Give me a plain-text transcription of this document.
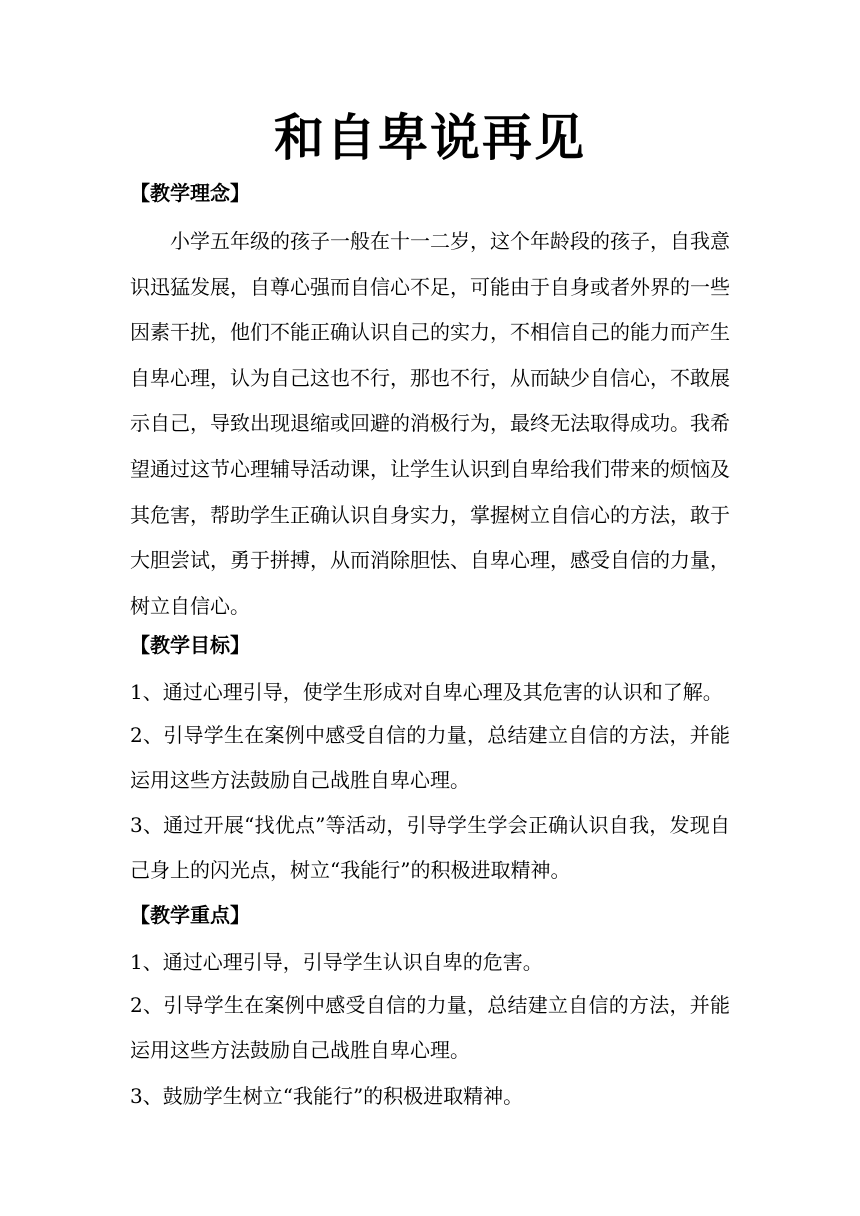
和自卑说再见
【教学理念】
小学五年级的孩子一般在十一二岁，这个年龄段的孩子，自我意识迅猛发展，自尊心强而自信心不足，可能由于自身或者外界的一些因素干扰，他们不能正确认识自己的实力，不相信自己的能力而产生自卑心理，认为自己这也不行，那也不行，从而缺少自信心，不敢展示自己，导致出现退缩或回避的消极行为，最终无法取得成功。我希望通过这节心理辅导活动课，让学生认识到自卑给我们带来的烦恼及其危害，帮助学生正确认识自身实力，掌握树立自信心的方法，敢于大胆尝试，勇于拼搏，从而消除胆怯、自卑心理，感受自信的力量，树立自信心。
【教学目标】
1、通过心理引导，使学生形成对自卑心理及其危害的认识和了解。
2、引导学生在案例中感受自信的力量，总结建立自信的方法，并能运用这些方法鼓励自己战胜自卑心理。
3、通过开展“找优点”等活动，引导学生学会正确认识自我，发现自己身上的闪光点，树立“我能行”的积极进取精神。
【教学重点】
1、通过心理引导，引导学生认识自卑的危害。
2、引导学生在案例中感受自信的力量，总结建立自信的方法，并能运用这些方法鼓励自己战胜自卑心理。
3、鼓励学生树立“我能行”的积极进取精神。
